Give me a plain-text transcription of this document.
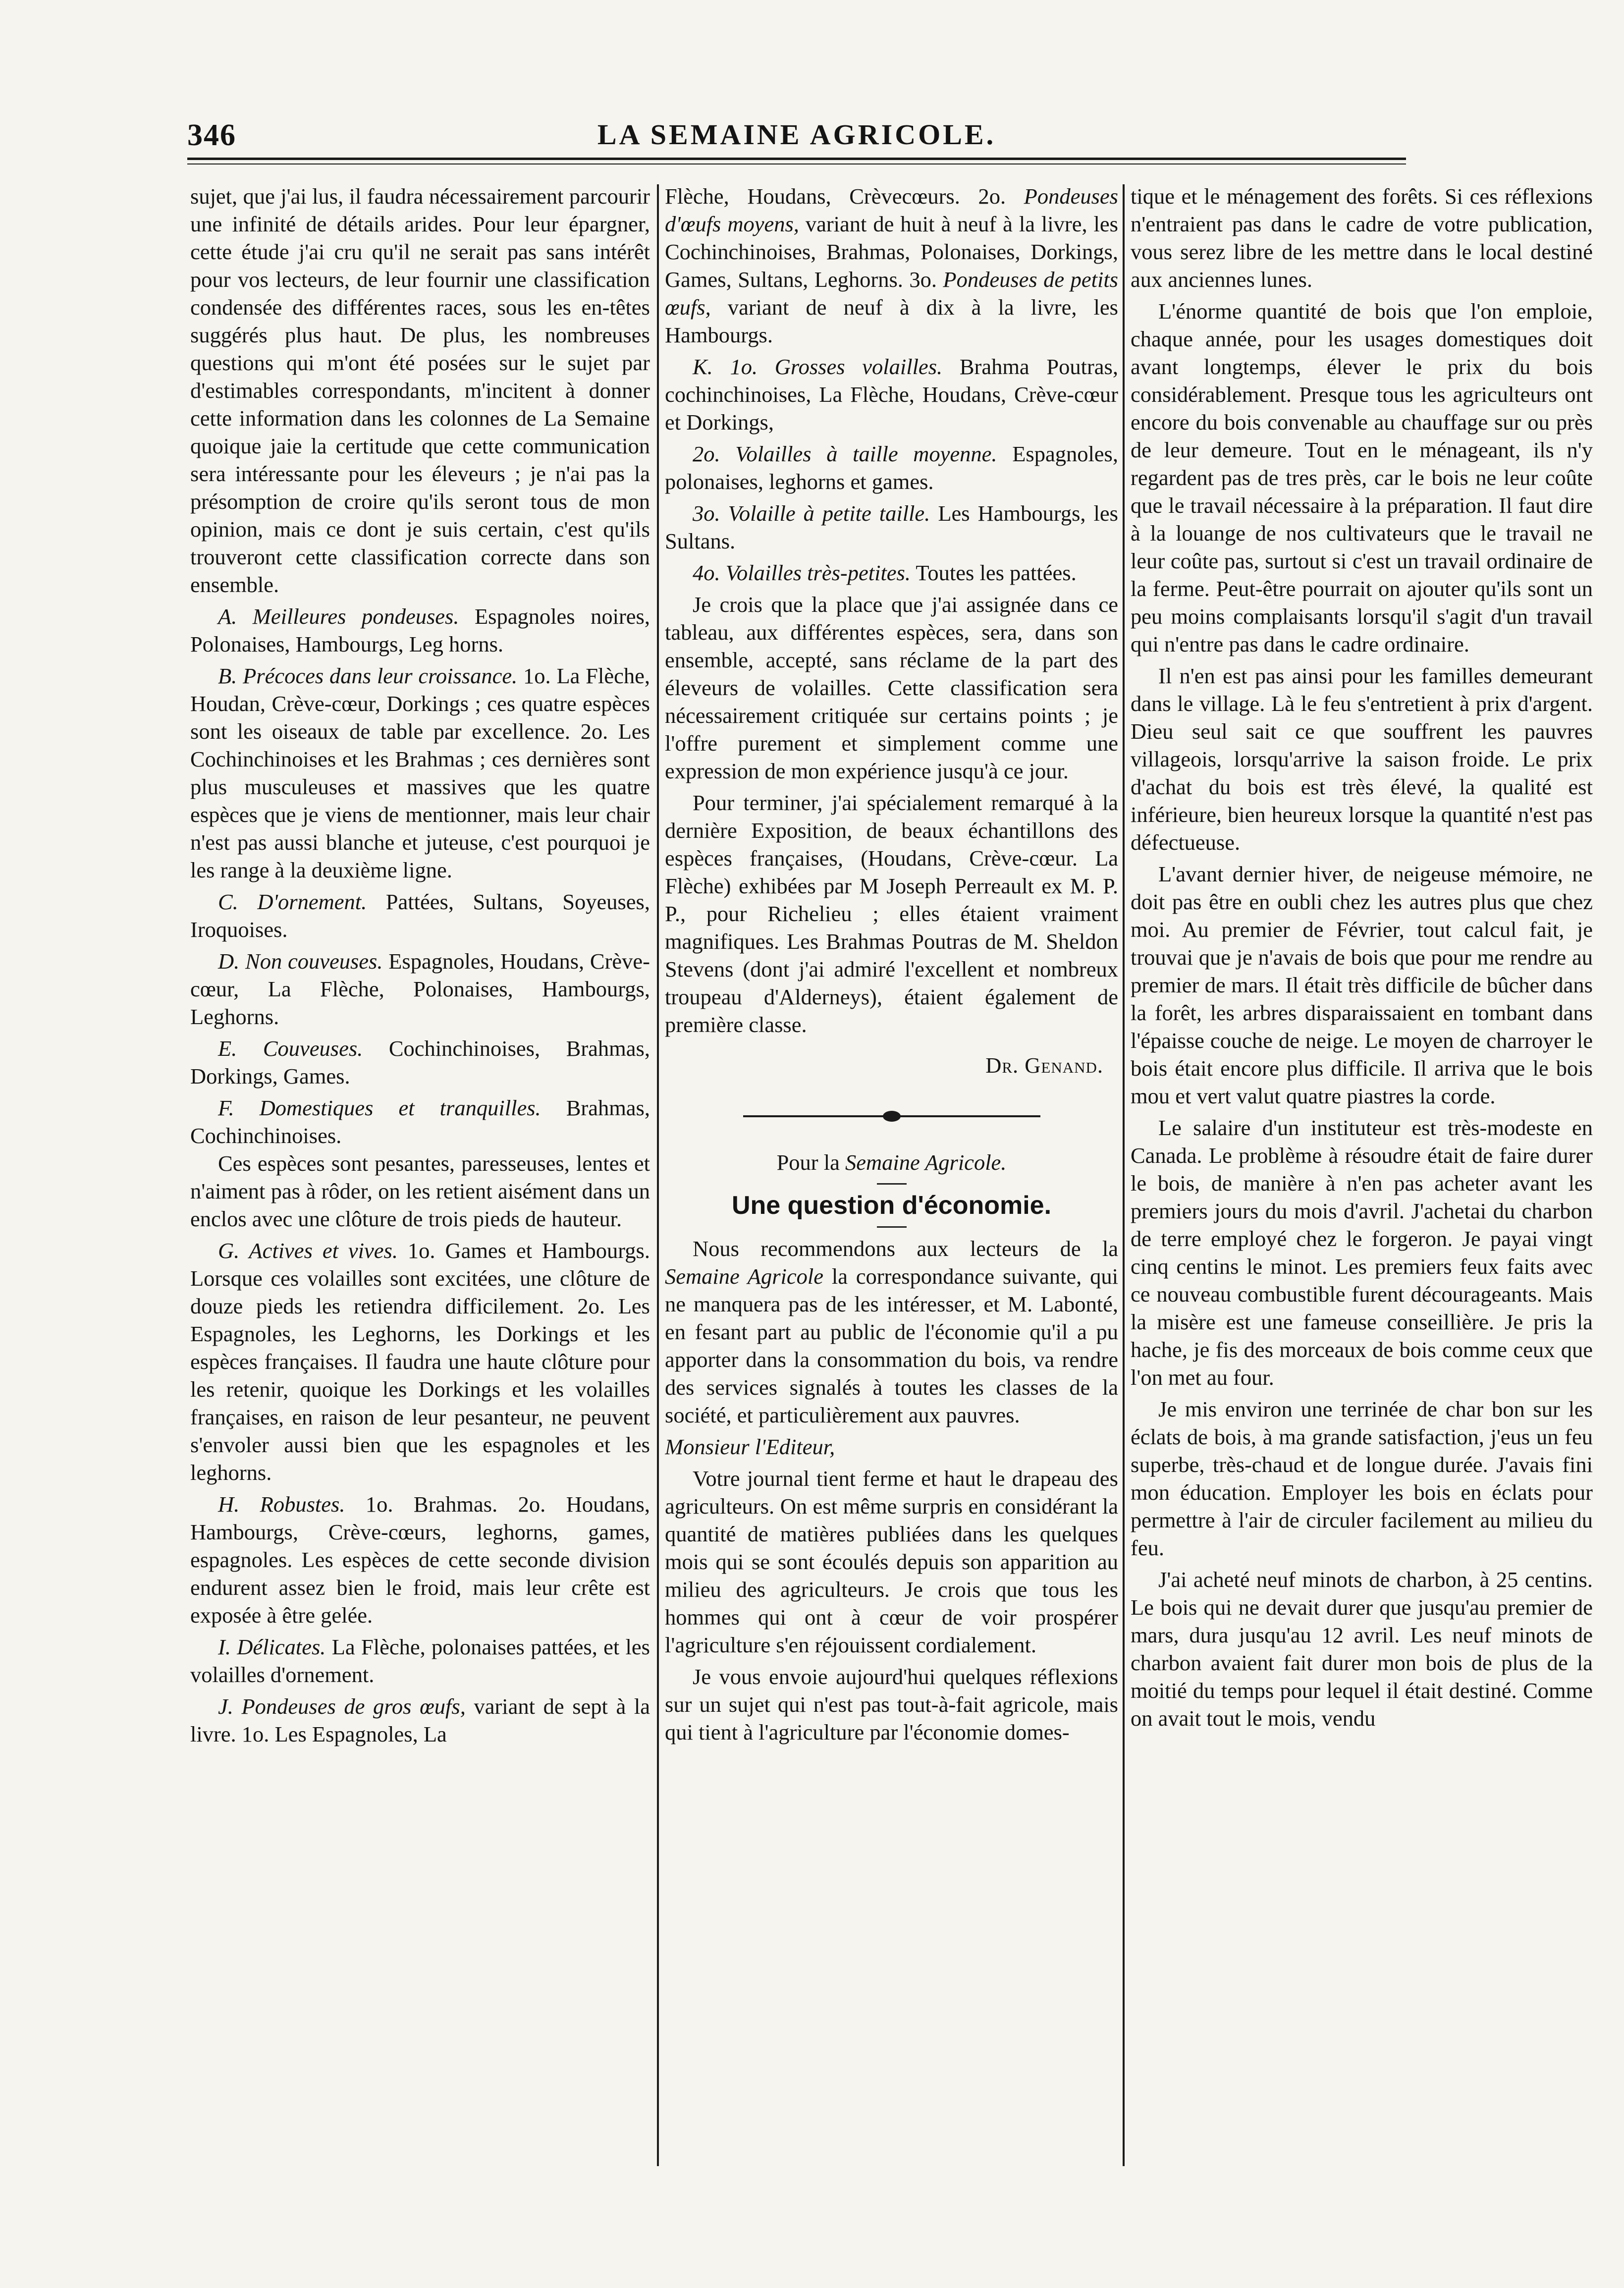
346	LA SEMAINE AGRICOLE.

sujet, que j'ai lus, il faudra nécessairement parcourir une infinité de détails arides. Pour leur épargner, cette étude j'ai cru qu'il ne serait pas sans intérêt pour vos lecteurs, de leur fournir une classification condensée des différentes races, sous les en-têtes suggérés plus haut. De plus, les nombreuses questions qui m'ont été posées sur le sujet par d'estimables correspondants, m'incitent à donner cette information dans les colonnes de La Semaine quoique jaie la certitude que cette communication sera intéressante pour les éleveurs ; je n'ai pas la présomption de croire qu'ils seront tous de mon opinion, mais ce dont je suis certain, c'est qu'ils trouveront cette classification correcte dans son ensemble.

A. Meilleures pondeuses. Espagnoles noires, Polonaises, Hambourgs, Leg horns.

B. Précoces dans leur croissance. 1o. La Flèche, Houdan, Crève-cœur, Dorkings ; ces quatre espèces sont les oiseaux de table par excellence. 2o. Les Cochinchinoises et les Brahmas ; ces dernières sont plus musculeuses et massives que les quatre espèces que je viens de mentionner, mais leur chair n'est pas aussi blanche et juteuse, c'est pourquoi je les range à la deuxième ligne.

C. D'ornement. Pattées, Sultans, Soyeuses, Iroquoises.

D. Non couveuses. Espagnoles, Houdans, Crève-cœur, La Flèche, Polonaises, Hambourgs, Leghorns.

E. Couveuses. Cochinchinoises, Brahmas, Dorkings, Games.

F. Domestiques et tranquilles. Brahmas, Cochinchinoises.

Ces espèces sont pesantes, paresseuses, lentes et n'aiment pas à rôder, on les retient aisément dans un enclos avec une clôture de trois pieds de hauteur.

G. Actives et vives. 1o. Games et Hambourgs. Lorsque ces volailles sont excitées, une clôture de douze pieds les retiendra difficilement. 2o. Les Espagnoles, les Leghorns, les Dorkings et les espèces françaises. Il faudra une haute clôture pour les retenir, quoique les Dorkings et les volailles françaises, en raison de leur pesanteur, ne peuvent s'envoler aussi bien que les espagnoles et les leghorns.

H. Robustes. 1o. Brahmas. 2o. Houdans, Hambourgs, Crève-cœurs, leghorns, games, espagnoles. Les espèces de cette seconde division endurent assez bien le froid, mais leur crête est exposée à être gelée.

I. Délicates. La Flèche, polonaises pattées, et les volailles d'ornement.

J. Pondeuses de gros œufs, variant de sept à la livre. 1o. Les Espagnoles, La

Flèche, Houdans, Crèvecœurs. 2o. Pondeuses d'œufs moyens, variant de huit à neuf à la livre, les Cochinchinoises, Brahmas, Polonaises, Dorkings, Games, Sultans, Leghorns. 3o. Pondeuses de petits œufs, variant de neuf à dix à la livre, les Hambourgs.

K. 1o. Grosses volailles. Brahma Poutras, cochinchinoises, La Flèche, Houdans, Crève-cœur et Dorkings,

2o. Volailles à taille moyenne. Espagnoles, polonaises, leghorns et games.

3o. Volaille à petite taille. Les Hambourgs, les Sultans.

4o. Volailles très-petites. Toutes les pattées.

Je crois que la place que j'ai assignée dans ce tableau, aux différentes espèces, sera, dans son ensemble, accepté, sans réclame de la part des éleveurs de volailles. Cette classification sera nécessairement critiquée sur certains points ; je l'offre purement et simplement comme une expression de mon expérience jusqu'à ce jour.

Pour terminer, j'ai spécialement remarqué à la dernière Exposition, de beaux échantillons des espèces françaises, (Houdans, Crève-cœur. La Flèche) exhibées par M Joseph Perreault ex M. P. P., pour Richelieu ; elles étaient vraiment magnifiques. Les Brahmas Poutras de M. Sheldon Stevens (dont j'ai admiré l'excellent et nombreux troupeau d'Alderneys), étaient également de première classe.

Dr. Genand.

Pour la Semaine Agricole.

Une question d'économie.

Nous recommendons aux lecteurs de la Semaine Agricole la correspondance suivante, qui ne manquera pas de les intéresser, et M. Labonté, en fesant part au public de l'économie qu'il a pu apporter dans la consommation du bois, va rendre des services signalés à toutes les classes de la société, et particulièrement aux pauvres.

Monsieur l'Editeur,

Votre journal tient ferme et haut le drapeau des agriculteurs. On est même surpris en considérant la quantité de matières publiées dans les quelques mois qui se sont écoulés depuis son apparition au milieu des agriculteurs. Je crois que tous les hommes qui ont à cœur de voir prospérer l'agriculture s'en réjouissent cordialement.

Je vous envoie aujourd'hui quelques réflexions sur un sujet qui n'est pas tout-à-fait agricole, mais qui tient à l'agriculture par l'économie domes-

tique et le ménagement des forêts. Si ces réflexions n'entraient pas dans le cadre de votre publication, vous serez libre de les mettre dans le local destiné aux anciennes lunes.

L'énorme quantité de bois que l'on emploie, chaque année, pour les usages domestiques doit avant longtemps, élever le prix du bois considérablement. Presque tous les agriculteurs ont encore du bois convenable au chauffage sur ou près de leur demeure. Tout en le ménageant, ils n'y regardent pas de tres près, car le bois ne leur coûte que le travail nécessaire à la préparation. Il faut dire à la louange de nos cultivateurs que le travail ne leur coûte pas, surtout si c'est un travail ordinaire de la ferme. Peut-être pourrait on ajouter qu'ils sont un peu moins complaisants lorsqu'il s'agit d'un travail qui n'entre pas dans le cadre ordinaire.

Il n'en est pas ainsi pour les familles demeurant dans le village. Là le feu s'entretient à prix d'argent. Dieu seul sait ce que souffrent les pauvres villageois, lorsqu'arrive la saison froide. Le prix d'achat du bois est très élevé, la qualité est inférieure, bien heureux lorsque la quantité n'est pas défectueuse.

L'avant dernier hiver, de neigeuse mémoire, ne doit pas être en oubli chez les autres plus que chez moi. Au premier de Février, tout calcul fait, je trouvai que je n'avais de bois que pour me rendre au premier de mars. Il était très difficile de bûcher dans la forêt, les arbres disparaissaient en tombant dans l'épaisse couche de neige. Le moyen de charroyer le bois était encore plus difficile. Il arriva que le bois mou et vert valut quatre piastres la corde.

Le salaire d'un instituteur est très-modeste en Canada. Le problème à résoudre était de faire durer le bois, de manière à n'en pas acheter avant les premiers jours du mois d'avril. J'achetai du charbon de terre employé chez le forgeron. Je payai vingt cinq centins le minot. Les premiers feux faits avec ce nouveau combustible furent décourageants. Mais la misère est une fameuse conseillière. Je pris la hache, je fis des morceaux de bois comme ceux que l'on met au four.

Je mis environ une terrinée de char bon sur les éclats de bois, à ma grande satisfaction, j'eus un feu superbe, très-chaud et de longue durée. J'avais fini mon éducation. Employer les bois en éclats pour permettre à l'air de circuler facilement au milieu du feu.

J'ai acheté neuf minots de charbon, à 25 centins. Le bois qui ne devait durer que jusqu'au premier de mars, dura jusqu'au 12 avril. Les neuf minots de charbon avaient fait durer mon bois de plus de la moitié du temps pour lequel il était destiné. Comme on avait tout le mois, vendu
